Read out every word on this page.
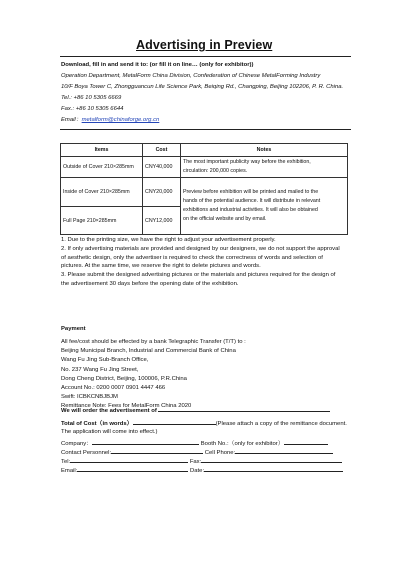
Advertising in Preview
Download, fill in and send it to: (or fill it on line… (only for exhibitor))
Operation Department, MetalForm China Division, Confederation of Chinese MetalForming Industry
10/F Boya Tower C, Zhongguancun Life Science Park, Beiqing Rd., Changping, Beijing 102206, P. R. China.
Tel.: +86 10 5305 6669
Fax.: +86 10 5305 6644
Email：metalform@chinaforge.org.cn
Items	Cost	Notes
Outside of Cover 210×285mm	CNY40,000	The most important publicity way before the exhibition,
circulation: 200,000 copies.

Inside of Cover 210×285mm	CNY20,000	Preview before exhibition will be printed and mailed to the
hands of the potential audience. It will distribute in relevant
exhibitions and industrial activities. It will also be obtained
on the official website and by email.

Full Page 210×285mm	CNY12,000	
1. Due to the printing size, we have the right to adjust your advertisement properly.
2. If only advertising materials are provided and designed by our designers, we do not support the approval
of aesthetic design, only the advertiser is required to check the correctness of words and selection of
pictures. At the same time, we reserve the right to delete pictures and words.
3. Please submit the designed advertising pictures or the materials and pictures required for the design of
the advertisement 30 days before the opening date of the exhibition.
Payment
All fee/cost should be effected by a bank Telegraphic Transfer (T/T) to :
Beijing Municipal Branch, Industrial and Commercial Bank of China
Wang Fu Jing Sub-Branch Office,
No. 237 Wang Fu Jing Street,
Dong Cheng District, Beijing, 100006, P.R.China
Account No.: 0200 0007 0901 4447 466
Swift: ICBKCNBJBJM
Remittance Note: Fees for MetalForm China 2020
We will order the advertisement of
Total of Cost（in words）	(Please attach a copy of the remittance document.
The application will come into effect.)
Company：	Booth No.:（only for exhibitor）
Contact Personnel:	Cell Phone:
Tel:	Fax:
Email:	Date:
